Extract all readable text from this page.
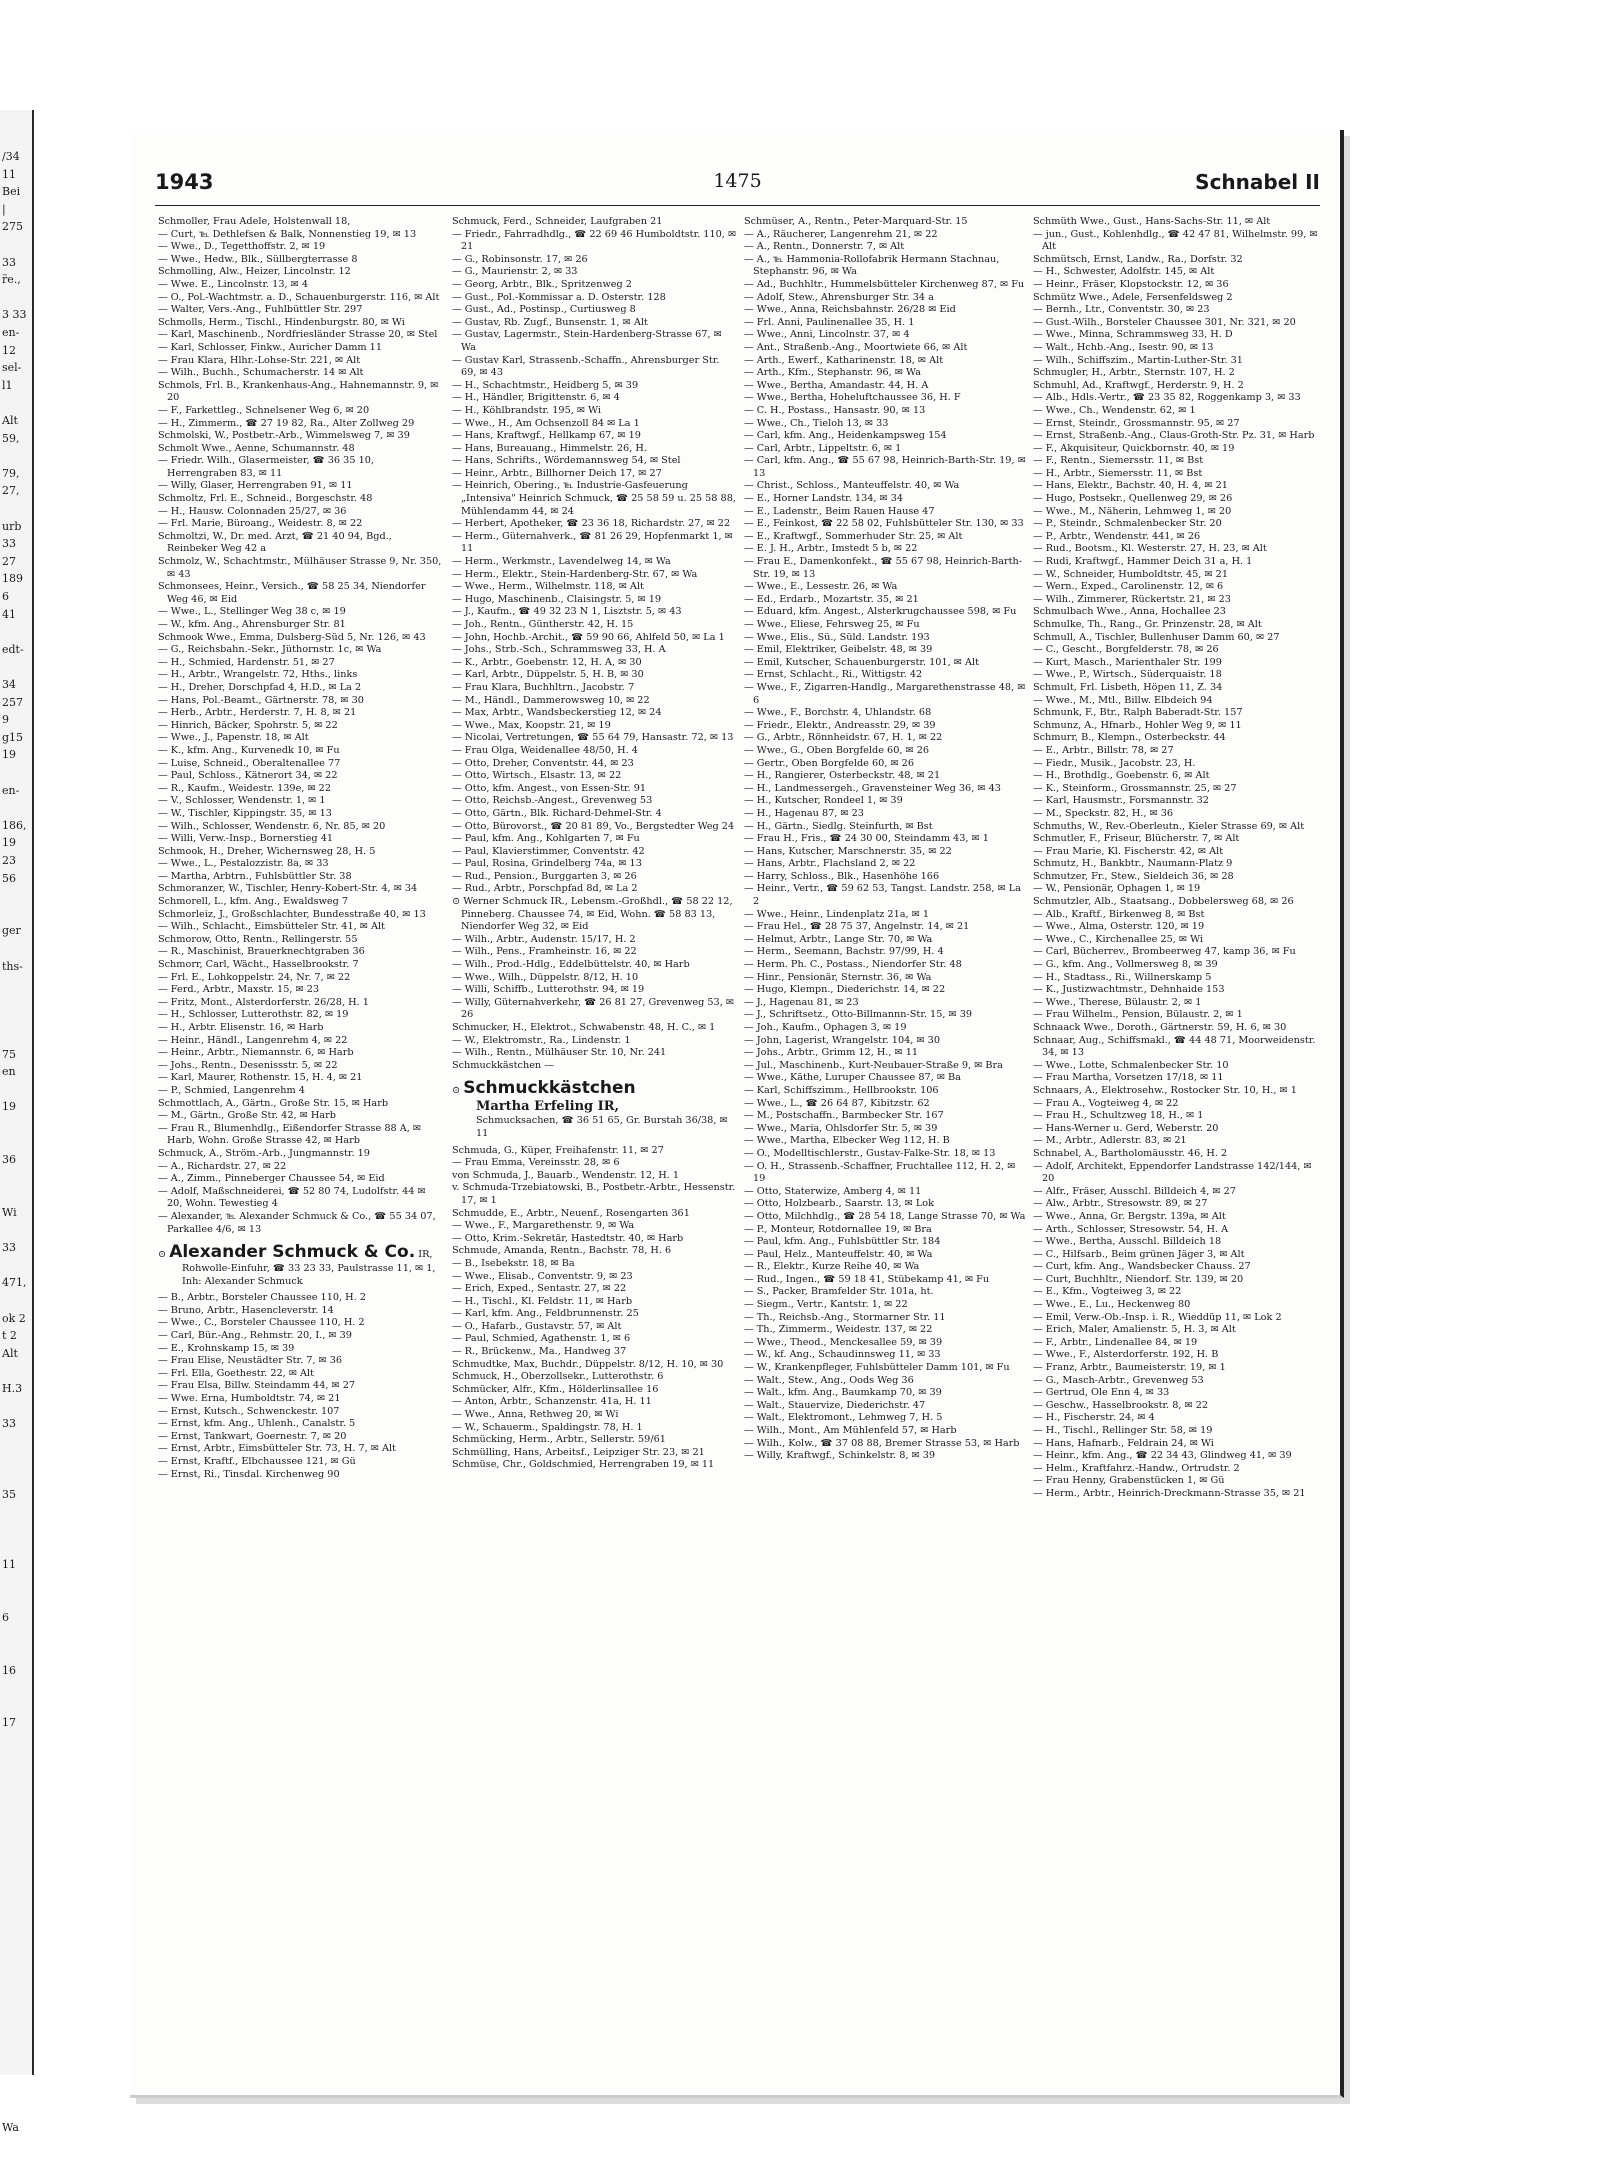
/34
11
Bei
|
275
33
r̈e.,
3 33
en-
12
sel-
l1
Alt
59,
79,
27,
urb
33
27
189
6
41
edt-
34
257
9
g15
19
en-
186,
19
23
56
ger
ths-
75
en
19
36
Wi
33
471,
ok 2
t 2
Alt
H.3
33
35
11
6
16
17
Wa
1943	1475	Schnabel II

Schmoller, Frau Adele, Holstenwall 18,

— Curt, ℡ Dethlefsen & Balk, Nonnenstieg 19, ✉ 13

— Wwe., D., Tegetthoffstr. 2, ✉ 19

— Wwe., Hedw., Blk., Süllbergterrasse 8

Schmolling, Alw., Heizer, Lincolnstr. 12

— Wwe. E., Lincolnstr. 13, ✉ 4

— O., Pol.-Wachtmstr. a. D., Schauenburgerstr. 116, ✉ Alt

— Walter, Vers.-Ang., Fuhlbüttler Str. 297

Schmolls, Herm., Tischl., Hindenburgstr. 80, ✉ Wi

— Karl, Maschinenb., Nordfriesländer Strasse 20, ✉ Stel

— Karl, Schlosser, Finkw., Auricher Damm 11

— Frau Klara, Hlhr.-Lohse-Str. 221, ✉ Alt

— Wilh., Buchh., Schumacherstr. 14 ✉ Alt

Schmols, Frl. B., Krankenhaus-Ang., Hahnemannstr. 9, ✉ 20

— F., Farkettleg., Schnelsener Weg 6, ✉ 20

— H., Zimmerm., ☎ 27 19 82, Ra., Alter Zollweg 29

Schmolski, W., Postbetr.-Arb., Wimmelsweg 7, ✉ 39

Schmolt Wwe., Aenne, Schumannstr. 48

— Friedr. Wilh., Glasermeister, ☎ 36 35 10, Herrengraben 83, ✉ 11

— Willy, Glaser, Herrengraben 91, ✉ 11

Schmoltz, Frl. E., Schneid., Borgeschstr. 48

— H., Hausw. Colonnaden 25/27, ✉ 36

— Frl. Marie, Büroang., Weidestr. 8, ✉ 22

Schmoltzi, W., Dr. med. Arzt, ☎ 21 40 94, Bgd., Reinbeker Weg 42 a

Schmolz, W., Schachtmstr., Mülhäuser Strasse 9, Nr. 350, ✉ 43

Schmonsees, Heinr., Versich., ☎ 58 25 34, Niendorfer Weg 46, ✉ Eid

— Wwe., L., Stellinger Weg 38 c, ✉ 19

— W., kfm. Ang., Ahrensburger Str. 81

Schmook Wwe., Emma, Dulsberg-Süd 5, Nr. 126, ✉ 43

— G., Reichsbahn.-Sekr., Jüthornstr. 1c, ✉ Wa

— H., Schmied, Hardenstr. 51, ✉ 27

— H., Arbtr., Wrangelstr. 72, Hths., links

— H., Dreher, Dorschpfad 4, H.D., ✉ La 2

— Hans, Pol.-Beamt., Gärtnerstr. 78, ✉ 30

— Herb., Arbtr., Herderstr. 7, H. 8, ✉ 21

— Hinrich, Bäcker, Spohrstr. 5, ✉ 22

— Wwe., J., Papenstr. 18, ✉ Alt

— K., kfm. Ang., Kurvenedk 10, ✉ Fu

— Luise, Schneid., Oberaltenallee 77

— Paul, Schloss., Kätnerort 34, ✉ 22

— R., Kaufm., Weidestr. 139e, ✉ 22

— V., Schlosser, Wendenstr. 1, ✉ 1

— W., Tischler, Kippingstr. 35, ✉ 13

— Wilh., Schlosser, Wendenstr. 6, Nr. 85, ✉ 20

— Willi, Verw.-Insp., Bornerstieg 41

Schmook, H., Dreher, Wichernsweg 28, H. 5

— Wwe., L., Pestalozzistr. 8a, ✉ 33

— Martha, Arbtrn., Fuhlsbüttler Str. 38

Schmoranzer, W., Tischler, Henry-Kobert-Str. 4, ✉ 34

Schmorell, L., kfm. Ang., Ewaldsweg 7

Schmorleiz, J., Großschlachter, Bundesstraße 40, ✉ 13

— Wilh., Schlacht., Eimsbütteler Str. 41, ✉ Alt

Schmorow, Otto, Rentn., Rellingerstr. 55

— R., Maschinist, Brauerknechtgraben 36

Schmorr, Carl, Wächt., Hasselbrookstr. 7

— Frl. E., Lohkoppelstr. 24, Nr. 7, ✉ 22

— Ferd., Arbtr., Maxstr. 15, ✉ 23

— Fritz, Mont., Alsterdorferstr. 26/28, H. 1

— H., Schlosser, Lutterothstr. 82, ✉ 19

— H., Arbtr. Elisenstr. 16, ✉ Harb

— Heinr., Händl., Langenrehm 4, ✉ 22

— Heinr., Arbtr., Niemannstr. 6, ✉ Harb

— Johs., Rentn., Desenissstr. 5, ✉ 22

— Karl, Maurer, Rothenstr. 15, H. 4, ✉ 21

— P., Schmied, Langenrehm 4

Schmottlach, A., Gärtn., Große Str. 15, ✉ Harb

— M., Gärtn., Große Str. 42, ✉ Harb

— Frau R., Blumenhdlg., Eißendorfer Strasse 88 A, ✉ Harb, Wohn. Große Strasse 42, ✉ Harb

Schmuck, A., Ström.-Arb., Jungmannstr. 19

— A., Richardstr. 27, ✉ 22

— A., Zimm., Pinneberger Chaussee 54, ✉ Eid

— Adolf, Maßschneiderei, ☎ 52 80 74, Ludolfstr. 44 ✉ 20, Wohn. Tewestieg 4

— Alexander, ℡ Alexander Schmuck & Co., ☎ 55 34 07, Parkallee 4/6, ✉ 13

⊙ Alexander Schmuck & Co. IR,
Rohwolle-Einfuhr, ☎ 33 23 33, Paulstrasse 11, ✉ 1, Inh: Alexander Schmuck

— B., Arbtr., Borsteler Chaussee 110, H. 2

— Bruno, Arbtr., Hasencleverstr. 14

— Wwe., C., Borsteler Chaussee 110, H. 2

— Carl, Bür.-Ang., Rehmstr. 20, I., ✉ 39

— E., Krohnskamp 15, ✉ 39

— Frau Elise, Neustädter Str. 7, ✉ 36

— Frl. Ella, Goethestr. 22, ✉ Alt

— Frau Elsa, Billw. Steindamm 44, ✉ 27

— Wwe. Erna, Humboldtstr. 74, ✉ 21

— Ernst, Kutsch., Schwenckestr. 107

— Ernst, kfm. Ang., Uhlenh., Canalstr. 5

— Ernst, Tankwart, Goernestr. 7, ✉ 20

— Ernst, Arbtr., Eimsbütteler Str. 73, H. 7, ✉ Alt

— Ernst, Kraftf., Elbchaussee 121, ✉ Gü

— Ernst, Ri., Tinsdal. Kirchenweg 90

Schmuck, Ferd., Schneider, Laufgraben 21

— Friedr., Fahrradhdlg., ☎ 22 69 46 Humboldtstr. 110, ✉ 21

— G., Robinsonstr. 17, ✉ 26

— G., Maurienstr. 2, ✉ 33

— Georg, Arbtr., Blk., Spritzenweg 2

— Gust., Pol.-Kommissar a. D. Osterstr. 128

— Gust., Ad., Postinsp., Curtiusweg 8

— Gustav, Rb. Zugf., Bunsenstr. 1, ✉ Alt

— Gustav, Lagermstr., Stein-Hardenberg-Strasse 67, ✉ Wa

— Gustav Karl, Strassenb.-Schaffn., Ahrensburger Str. 69, ✉ 43

— H., Schachtmstr., Heidberg 5, ✉ 39

— H., Händler, Brigittenstr. 6, ✉ 4

— H., Köhlbrandstr. 195, ✉ Wi

— Wwe., H., Am Ochsenzoll 84 ✉ La 1

— Hans, Kraftwgf., Hellkamp 67, ✉ 19

— Hans, Bureauang., Himmelstr. 26, H.

— Hans, Schrifts., Wördemannsweg 54, ✉ Stel

— Heinr., Arbtr., Billhorner Deich 17, ✉ 27

— Heinrich, Obering., ℡ Industrie-Gasfeuerung „Intensiva" Heinrich Schmuck, ☎ 25 58 59 u. 25 58 88, Mühlendamm 44, ✉ 24

— Herbert, Apotheker, ☎ 23 36 18, Richardstr. 27, ✉ 22

— Herm., Güternahverk., ☎ 81 26 29, Hopfenmarkt 1, ✉ 11

— Herm., Werkmstr., Lavendelweg 14, ✉ Wa

— Herm., Elektr., Stein-Hardenberg-Str. 67, ✉ Wa

— Wwe., Herm., Wilhelmstr. 118, ✉ Alt

— Hugo, Maschinenb., Claisingstr. 5, ✉ 19

— J., Kaufm., ☎ 49 32 23 N 1, Lisztstr. 5, ✉ 43

— Joh., Rentn., Güntherstr. 42, H. 15

— John, Hochb.-Archit., ☎ 59 90 66, Ahlfeld 50, ✉ La 1

— Johs., Strb.-Sch., Schrammsweg 33, H. A

— K., Arbtr., Goebenstr. 12, H. A, ✉ 30

— Karl, Arbtr., Düppelstr. 5, H. B, ✉ 30

— Frau Klara, Buchhltrn., Jacobstr. 7

— M., Händl., Dammerowsweg 10, ✉ 22

— Max, Arbtr., Wandsbeckerstieg 12, ✉ 24

— Wwe., Max, Koopstr. 21, ✉ 19

— Nicolai, Vertretungen, ☎ 55 64 79, Hansastr. 72, ✉ 13

— Frau Olga, Weidenallee 48/50, H. 4

— Otto, Dreher, Conventstr. 44, ✉ 23

— Otto, Wirtsch., Elsastr. 13, ✉ 22

— Otto, kfm. Angest., von Essen-Str. 91

— Otto, Reichsb.-Angest., Grevenweg 53

— Otto, Gärtn., Blk. Richard-Dehmel-Str. 4

— Otto, Bürovorst., ☎ 20 81 89, Vo., Bergstedter Weg 24

— Paul, kfm. Ang., Kohlgarten 7, ✉ Fu

— Paul, Klavierstimmer, Conventstr. 42

— Paul, Rosina, Grindelberg 74a, ✉ 13

— Rud., Pension., Burggarten 3, ✉ 26

— Rud., Arbtr., Porschpfad 8d, ✉ La 2

⊙ Werner Schmuck IR., Lebensm.-Großhdl., ☎ 58 22 12, Pinneberg. Chaussee 74, ✉ Eid, Wohn. ☎ 58 83 13, Niendorfer Weg 32, ✉ Eid

— Wilh., Arbtr., Audenstr. 15/17, H. 2

— Wilh., Pens., Framheinstr. 16, ✉ 22

— Wilh., Prod.-Hdlg., Eddelbüttelstr. 40, ✉ Harb

— Wwe., Wilh., Düppelstr. 8/12, H. 10

— Willi, Schiffb., Lutterothstr. 94, ✉ 19

— Willy, Güternahverkehr, ☎ 26 81 27, Grevenweg 53, ✉ 26

Schmucker, H., Elektrot., Schwabenstr. 48, H. C., ✉ 1

— W., Elektromstr., Ra., Lindenstr. 1

— Wilh., Rentn., Mülhäuser Str. 10, Nr. 241

Schmuckkästchen —

⊙ Schmuckkästchen
Martha Erfeling IR,
Schmucksachen, ☎ 36 51 65, Gr. Burstah 36/38, ✉ 11

Schmuda, G., Küper, Freihafenstr. 11, ✉ 27

— Frau Emma, Vereinsstr. 28, ✉ 6

von Schmuda, J., Bauarb., Wendenstr. 12, H. 1

v. Schmuda-Trzebiatowski, B., Postbetr.-Arbtr., Hessenstr. 17, ✉ 1

Schmudde, E., Arbtr., Neuenf., Rosengarten 361

— Wwe., F., Margarethenstr. 9, ✉ Wa

— Otto, Krim.-Sekretär, Hastedtstr. 40, ✉ Harb

Schmude, Amanda, Rentn., Bachstr. 78, H. 6

— B., Isebekstr. 18, ✉ Ba

— Wwe., Elisab., Conventstr. 9, ✉ 23

— Erich, Exped., Sentastr. 27, ✉ 22

— H., Tischl., Kl. Feldstr. 11, ✉ Harb

— Karl, kfm. Ang., Feldbrunnenstr. 25

— O., Hafarb., Gustavstr. 57, ✉ Alt

— Paul, Schmied, Agathenstr. 1, ✉ 6

— R., Brückenw., Ma., Handweg 37

Schmudtke, Max, Buchdr., Düppelstr. 8/12, H. 10, ✉ 30

Schmuck, H., Oberzollsekr., Lutterothstr. 6

Schmücker, Alfr., Kfm., Hölderlinsallee 16

— Anton, Arbtr., Schanzenstr. 41a, H. 11

— Wwe., Anna, Rethweg 20, ✉ Wi

— W., Schauerm., Spaldingstr. 78, H. 1

Schmücking, Herm., Arbtr., Sellerstr. 59/61

Schmülling, Hans, Arbeitsf., Leipziger Str. 23, ✉ 21

Schmüse, Chr., Goldschmied, Herrengraben 19, ✉ 11

Schmüser, A., Rentn., Peter-Marquard-Str. 15

— A., Räucherer, Langenrehm 21, ✉ 22

— A., Rentn., Donnerstr. 7, ✉ Alt

— A., ℡ Hammonia-Rollofabrik Hermann Stachnau, Stephanstr. 96, ✉ Wa

— Ad., Buchhltr., Hummelsbütteler Kirchenweg 87, ✉ Fu

— Adolf, Stew., Ahrensburger Str. 34 a

— Wwe., Anna, Reichsbahnstr. 26/28 ✉ Eid

— Frl. Anni, Paulinenallee 35, H. 1

— Wwe., Anni, Lincolnstr. 37, ✉ 4

— Ant., Straßenb.-Ang., Moortwiete 66, ✉ Alt

— Arth., Ewerf., Katharinenstr. 18, ✉ Alt

— Arth., Kfm., Stephanstr. 96, ✉ Wa

— Wwe., Bertha, Amandastr. 44, H. A

— Wwe., Bertha, Hoheluftchaussee 36, H. F

— C. H., Postass., Hansastr. 90, ✉ 13

— Wwe., Ch., Tieloh 13, ✉ 33

— Carl, kfm. Ang., Heidenkampsweg 154

— Carl, Arbtr., Lippeltstr. 6, ✉ 1

— Carl, kfm. Ang., ☎ 55 67 98, Heinrich-Barth-Str. 19, ✉ 13

— Christ., Schloss., Manteuffelstr. 40, ✉ Wa

— E., Horner Landstr. 134, ✉ 34

— E., Ladenstr., Beim Rauen Hause 47

— E., Feinkost, ☎ 22 58 02, Fuhlsbütteler Str. 130, ✉ 33

— E., Kraftwgf., Sommerhuder Str. 25, ✉ Alt

— E. J. H., Arbtr., Imstedt 5 b, ✉ 22

— Frau E., Damenkonfekt., ☎ 55 67 98, Heinrich-Barth-Str. 19, ✉ 13

— Wwe., E., Lessestr. 26, ✉ Wa

— Ed., Erdarb., Mozartstr. 35, ✉ 21

— Eduard, kfm. Angest., Alsterkrugchaussee 598, ✉ Fu

— Wwe., Eliese, Fehrsweg 25, ✉ Fu

— Wwe., Elis., Sü., Süld. Landstr. 193

— Emil, Elektriker, Geibelstr. 48, ✉ 39

— Emil, Kutscher, Schauenburgerstr. 101, ✉ Alt

— Ernst, Schlacht., Ri., Wittigstr. 42

— Wwe., F., Zigarren-Handlg., Margarethenstrasse 48, ✉ 6

— Wwe., F., Borchstr. 4, Uhlandstr. 68

— Friedr., Elektr., Andreasstr. 29, ✉ 39

— G., Arbtr., Rönnheidstr. 67, H. 1, ✉ 22

— Wwe., G., Oben Borgfelde 60, ✉ 26

— Gertr., Oben Borgfelde 60, ✉ 26

— H., Rangierer, Osterbeckstr. 48, ✉ 21

— H., Landmessergeh., Gravensteiner Weg 36, ✉ 43

— H., Kutscher, Rondeel 1, ✉ 39

— H., Hagenau 87, ✉ 23

— H., Gärtn., Siedlg. Steinfurth, ✉ Bst

— Frau H., Fris., ☎ 24 30 00, Steindamm 43, ✉ 1

— Hans, Kutscher, Marschnerstr. 35, ✉ 22

— Hans, Arbtr., Flachsland 2, ✉ 22

— Harry, Schloss., Blk., Hasenhöhe 166

— Heinr., Vertr., ☎ 59 62 53, Tangst. Landstr. 258, ✉ La 2

— Wwe., Heinr., Lindenplatz 21a, ✉ 1

— Frau Hel., ☎ 28 75 37, Angelnstr. 14, ✉ 21

— Helmut, Arbtr., Lange Str. 70, ✉ Wa

— Herm., Seemann, Bachstr. 97/99, H. 4

— Herm. Ph. C., Postass., Niendorfer Str. 48

— Hinr., Pensionär, Sternstr. 36, ✉ Wa

— Hugo, Klempn., Diederichstr. 14, ✉ 22

— J., Hagenau 81, ✉ 23

— J., Schriftsetz., Otto-Billmannn-Str. 15, ✉ 39

— Joh., Kaufm., Ophagen 3, ✉ 19

— John, Lagerist, Wrangelstr. 104, ✉ 30

— Johs., Arbtr., Grimm 12, H., ✉ 11

— Jul., Maschinenb., Kurt-Neubauer-Straße 9, ✉ Bra

— Wwe., Käthe, Luruper Chaussee 87, ✉ Ba

— Karl, Schiffszimm., Hellbrookstr. 106

— Wwe., L., ☎ 26 64 87, Kibitzstr. 62

— M., Postschaffn., Barmbecker Str. 167

— Wwe., Maria, Ohlsdorfer Str. 5, ✉ 39

— Wwe., Martha, Elbecker Weg 112, H. B

— O., Modelltischlerstr., Gustav-Falke-Str. 18, ✉ 13

— O. H., Strassenb.-Schaffner, Fruchtallee 112, H. 2, ✉ 19

— Otto, Staterwize, Amberg 4, ✉ 11

— Otto, Holzbearb., Saarstr. 13, ✉ Lok

— Otto, Milchhdlg., ☎ 28 54 18, Lange Strasse 70, ✉ Wa

— P., Monteur, Rotdornallee 19, ✉ Bra

— Paul, kfm. Ang., Fuhlsbüttler Str. 184

— Paul, Helz., Manteuffelstr. 40, ✉ Wa

— R., Elektr., Kurze Reihe 40, ✉ Wa

— Rud., Ingen., ☎ 59 18 41, Stübekamp 41, ✉ Fu

— S., Packer, Bramfelder Str. 101a, ht.

— Siegm., Vertr., Kantstr. 1, ✉ 22

— Th., Reichsb.-Ang., Stormarner Str. 11

— Th., Zimmerm., Weidestr. 137, ✉ 22

— Wwe., Theod., Menckesallee 59, ✉ 39

— W., kf. Ang., Schaudinnsweg 11, ✉ 33

— W., Krankenpfleger, Fuhlsbütteler Damm 101, ✉ Fu

— Walt., Stew., Ang., Oods Weg 36

— Walt., kfm. Ang., Baumkamp 70, ✉ 39

— Walt., Stauervize, Diederichstr. 47

— Walt., Elektromont., Lehmweg 7, H. 5

— Wilh., Mont., Am Mühlenfeld 57, ✉ Harb

— Wilh., Kolw., ☎ 37 08 88, Bremer Strasse 53, ✉ Harb

— Willy, Kraftwgf., Schinkelstr. 8, ✉ 39

Schmüth Wwe., Gust., Hans-Sachs-Str. 11, ✉ Alt

— jun., Gust., Kohlenhdlg., ☎ 42 47 81, Wilhelmstr. 99, ✉ Alt

Schmütsch, Ernst, Landw., Ra., Dorfstr. 32

— H., Schwester, Adolfstr. 145, ✉ Alt

— Heinr., Fräser, Klopstockstr. 12, ✉ 36

Schmütz Wwe., Adele, Fersenfeldsweg 2

— Bernh., Ltr., Conventstr. 30, ✉ 23

— Gust.-Wilh., Borsteler Chaussee 301, Nr. 321, ✉ 20

— Wwe., Minna, Schrammsweg 33, H. D

— Walt., Hchb.-Ang., Isestr. 90, ✉ 13

— Wilh., Schiffszim., Martin-Luther-Str. 31

Schmugler, H., Arbtr., Sternstr. 107, H. 2

Schmuhl, Ad., Kraftwgf., Herderstr. 9, H. 2

— Alb., Hdls.-Vertr., ☎ 23 35 82, Roggenkamp 3, ✉ 33

— Wwe., Ch., Wendenstr. 62, ✉ 1

— Ernst, Steindr., Grossmannstr. 95, ✉ 27

— Ernst, Straßenb.-Ang., Claus-Groth-Str. Pz. 31, ✉ Harb

— F., Akquisiteur, Quickbornstr. 40, ✉ 19

— F., Rentn., Siemersstr. 11, ✉ Bst

— H., Arbtr., Siemersstr. 11, ✉ Bst

— Hans, Elektr., Bachstr. 40, H. 4, ✉ 21

— Hugo, Postsekr., Quellenweg 29, ✉ 26

— Wwe., M., Näherin, Lehmweg 1, ✉ 20

— P., Steindr., Schmalenbecker Str. 20

— P., Arbtr., Wendenstr. 441, ✉ 26

— Rud., Bootsm., Kl. Westerstr. 27, H. 23, ✉ Alt

— Rudi, Kraftwgf., Hammer Deich 31 a, H. 1

— W., Schneider, Humboldtstr. 45, ✉ 21

— Wern., Exped., Carolinenstr. 12, ✉ 6

— Wilh., Zimmerer, Rückertstr. 21, ✉ 23

Schmulbach Wwe., Anna, Hochallee 23

Schmulke, Th., Rang., Gr. Prinzenstr. 28, ✉ Alt

Schmull, A., Tischler, Bullenhuser Damm 60, ✉ 27

— C., Gescht., Borgfelderstr. 78, ✉ 26

— Kurt, Masch., Marienthaler Str. 199

— Wwe., P., Wirtsch., Süderquaistr. 18

Schmult, Frl. Lisbeth, Höpen 11, Z. 34

— Wwe., M., Mtl., Billw. Elbdeich 94

Schmunk, F., Btr., Ralph Baberadt-Str. 157

Schmunz, A., Hfnarb., Hohler Weg 9, ✉ 11

Schmurr, B., Klempn., Osterbeckstr. 44

— E., Arbtr., Billstr. 78, ✉ 27

— Fiedr., Musik., Jacobstr. 23, H.

— H., Brothdlg., Goebenstr. 6, ✉ Alt

— K., Steinform., Grossmannstr. 25, ✉ 27

— Karl, Hausmstr., Forsmannstr. 32

— M., Speckstr. 82, H., ✉ 36

Schmuths, W., Rev.-Oberleutn., Kieler Strasse 69, ✉ Alt

Schmutler, F., Friseur, Blücherstr. 7, ✉ Alt

— Frau Marie, Kl. Fischerstr. 42, ✉ Alt

Schmutz, H., Bankbtr., Naumann-Platz 9

Schmutzer, Fr., Stew., Sieldeich 36, ✉ 28

— W., Pensionär, Ophagen 1, ✉ 19

Schmutzler, Alb., Staatsang., Dobbelersweg 68, ✉ 26

— Alb., Kraftf., Birkenweg 8, ✉ Bst

— Wwe., Alma, Osterstr. 120, ✉ 19

— Wwe., C., Kirchenallee 25, ✉ Wi

— Carl, Bücherrev., Brombeerweg 47, kamp 36, ✉ Fu

— G., kfm. Ang., Vollmersweg 8, ✉ 39

— H., Stadtass., Ri., Willnerskamp 5

— K., Justizwachtmstr., Dehnhaide 153

— Wwe., Therese, Bülaustr. 2, ✉ 1

— Frau Wilhelm., Pension, Bülaustr. 2, ✉ 1

Schnaack Wwe., Doroth., Gärtnerstr. 59, H. 6, ✉ 30

Schnaar, Aug., Schiffsmakl., ☎ 44 48 71, Moorweidenstr. 34, ✉ 13

— Wwe., Lotte, Schmalenbecker Str. 10

— Frau Martha, Vorsetzen 17/18, ✉ 11

Schnaars, A., Elektrosehw., Rostocker Str. 10, H., ✉ 1

— Frau A., Vogteiweg 4, ✉ 22

— Frau H., Schultzweg 18, H., ✉ 1

— Hans-Werner u. Gerd, Weberstr. 20

— M., Arbtr., Adlerstr. 83, ✉ 21

Schnabel, A., Bartholomäusstr. 46, H. 2

— Adolf, Architekt, Eppendorfer Landstrasse 142/144, ✉ 20

— Alfr., Fräser, Ausschl. Billdeich 4, ✉ 27

— Alw., Arbtr., Stresowstr. 89, ✉ 27

— Wwe., Anna, Gr. Bergstr. 139a, ✉ Alt

— Arth., Schlosser, Stresowstr. 54, H. A

— Wwe., Bertha, Ausschl. Billdeich 18

— C., Hilfsarb., Beim grünen Jäger 3, ✉ Alt

— Curt, kfm. Ang., Wandsbecker Chauss. 27

— Curt, Buchhltr., Niendorf. Str. 139, ✉ 20

— E., Kfm., Vogteiweg 3, ✉ 22

— Wwe., E., Lu., Heckenweg 80

— Emil, Verw.-Ob.-Insp. i. R., Wieddüp 11, ✉ Lok 2

— Erich, Maler, Amalienstr. 5, H. 3, ✉ Alt

— F., Arbtr., Lindenallee 84, ✉ 19

— Wwe., F., Alsterdorferstr. 192, H. B

— Franz, Arbtr., Baumeisterstr. 19, ✉ 1

— G., Masch-Arbtr., Grevenweg 53

— Gertrud, Ole Enn 4, ✉ 33

— Geschw., Hasselbrookstr. 8, ✉ 22

— H., Fischerstr. 24, ✉ 4

— H., Tischl., Rellinger Str. 58, ✉ 19

— Hans, Hafnarb., Feldrain 24, ✉ Wi

— Heinr., kfm. Ang., ☎ 22 34 43, Glindweg 41, ✉ 39

— Helm., Kraftfahrz.-Handw., Ortrudstr. 2

— Frau Henny, Grabenstücken 1, ✉ Gü

— Herm., Arbtr., Heinrich-Dreckmann-Strasse 35, ✉ 21
